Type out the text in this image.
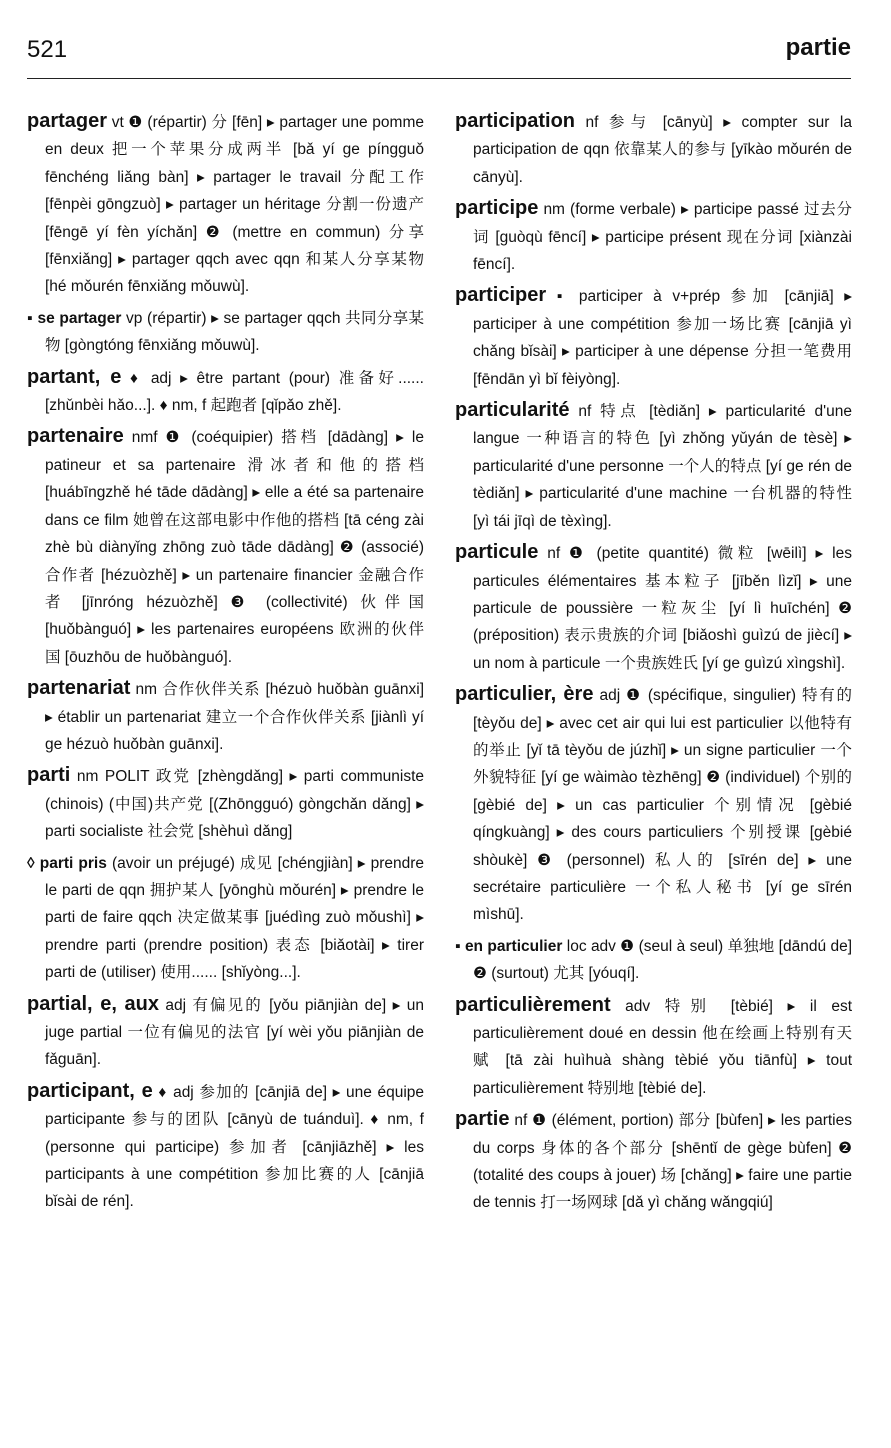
521	partie

partager vt ❶ (répartir) 分 [fēn] ▸ partager une pomme en deux 把一个苹果分成两半 [bǎ yí ge píngguǒ fēnchéng liǎng bàn] ▸ partager le travail 分配工作 [fēnpèi gōngzuò] ▸ partager un héritage 分割一份遗产 [fēngē yí fèn yíchǎn] ❷ (mettre en commun) 分享 [fēnxiǎng] ▸ partager qqch avec qqn 和某人分享某物 [hé mǒurén fēnxiǎng mǒuwù].

▪ se partager vp (répartir) ▸ se partager qqch 共同分享某物 [gòngtóng fēnxiǎng mǒuwù].

partant, e ♦ adj ▸ être partant (pour) 准备好...... [zhǔnbèi hǎo...]. ♦ nm, f 起跑者 [qǐpǎo zhě].

partenaire nmf ❶ (coéquipier) 搭档 [dādàng] ▸ le patineur et sa partenaire 滑冰者和他的搭档 [huábīngzhě hé tāde dādàng] ▸ elle a été sa partenaire dans ce film 她曾在这部电影中作他的搭档 [tā céng zài zhè bù diànyǐng zhōng zuò tāde dādàng] ❷ (associé) 合作者 [hézuòzhě] ▸ un partenaire financier 金融合作者 [jīnróng hézuòzhě] ❸ (collectivité) 伙伴国 [huǒbànguó] ▸ les partenaires européens 欧洲的伙伴国 [ōuzhōu de huǒbànguó].

partenariat nm 合作伙伴关系 [hézuò huǒbàn guānxi] ▸ établir un partenariat 建立一个合作伙伴关系 [jiànlì yí ge hézuò huǒbàn guānxi].

parti nm POLIT 政党 [zhèngdǎng] ▸ parti communiste (chinois) (中国)共产党 [(Zhōngguó) gòngchǎn dǎng] ▸ parti socialiste 社会党 [shèhuì dǎng]

◊ parti pris (avoir un préjugé) 成见 [chéngjiàn] ▸ prendre le parti de qqn 拥护某人 [yōnghù mǒurén] ▸ prendre le parti de faire qqch 决定做某事 [juédìng zuò mǒushì] ▸ prendre parti (prendre position) 表态 [biǎotài] ▸ tirer parti de (utiliser) 使用...... [shǐyòng...].

partial, e, aux adj 有偏见的 [yǒu piānjiàn de] ▸ un juge partial 一位有偏见的法官 [yí wèi yǒu piānjiàn de fǎguān].

participant, e ♦ adj 参加的 [cānjiā de] ▸ une équipe participante 参与的团队 [cānyù de tuánduì]. ♦ nm, f (personne qui participe) 参加者 [cānjiāzhě] ▸ les participants à une compétition 参加比赛的人 [cānjiā bǐsài de rén].

participation nf 参与 [cānyù] ▸ compter sur la participation de qqn 依靠某人的参与 [yīkào mǒurén de cānyù].

participe nm (forme verbale) ▸ participe passé 过去分词 [guòqù fēncí] ▸ participe présent 现在分词 [xiànzài fēncí].

participer ▪ participer à v+prép 参加 [cānjiā] ▸ participer à une compétition 参加一场比赛 [cānjiā yì chǎng bǐsài] ▸ participer à une dépense 分担一笔费用 [fēndān yì bǐ fèiyòng].

particularité nf 特点 [tèdiǎn] ▸ particularité d'une langue 一种语言的特色 [yì zhǒng yǔyán de tèsè] ▸ particularité d'une personne 一个人的特点 [yí ge rén de tèdiǎn] ▸ particularité d'une machine 一台机器的特性 [yì tái jīqì de tèxìng].

particule nf ❶ (petite quantité) 微粒 [wēilì] ▸ les particules élémentaires 基本粒子 [jīběn lìzǐ] ▸ une particule de poussière 一粒灰尘 [yí lì huīchén] ❷ (préposition) 表示贵族的介词 [biǎoshì guìzú de jiècí] ▸ un nom à particule 一个贵族姓氏 [yí ge guìzú xìngshì].

particulier, ère adj ❶ (spécifique, singulier) 特有的 [tèyǒu de] ▸ avec cet air qui lui est particulier 以他特有的举止 [yǐ tā tèyǒu de júzhǐ] ▸ un signe particulier 一个外貌特征 [yí ge wàimào tèzhēng] ❷ (individuel) 个别的 [gèbié de] ▸ un cas particulier 个别情况 [gèbié qíngkuàng] ▸ des cours particuliers 个别授课 [gèbié shòukè] ❸ (personnel) 私人的 [sīrén de] ▸ une secrétaire particulière 一个私人秘书 [yí ge sīrén mìshū].

▪ en particulier loc adv ❶ (seul à seul) 单独地 [dāndú de] ❷ (surtout) 尤其 [yóuqí].

particulièrement adv 特别 [tèbié] ▸ il est particulièrement doué en dessin 他在绘画上特别有天赋 [tā zài huìhuà shàng tèbié yǒu tiānfù] ▸ tout particulièrement 特别地 [tèbié de].

partie nf ❶ (élément, portion) 部分 [bùfen] ▸ les parties du corps 身体的各个部分 [shēntǐ de gège bùfen] ❷ (totalité des coups à jouer) 场 [chǎng] ▸ faire une partie de tennis 打一场网球 [dǎ yì chǎng wǎngqiú]
